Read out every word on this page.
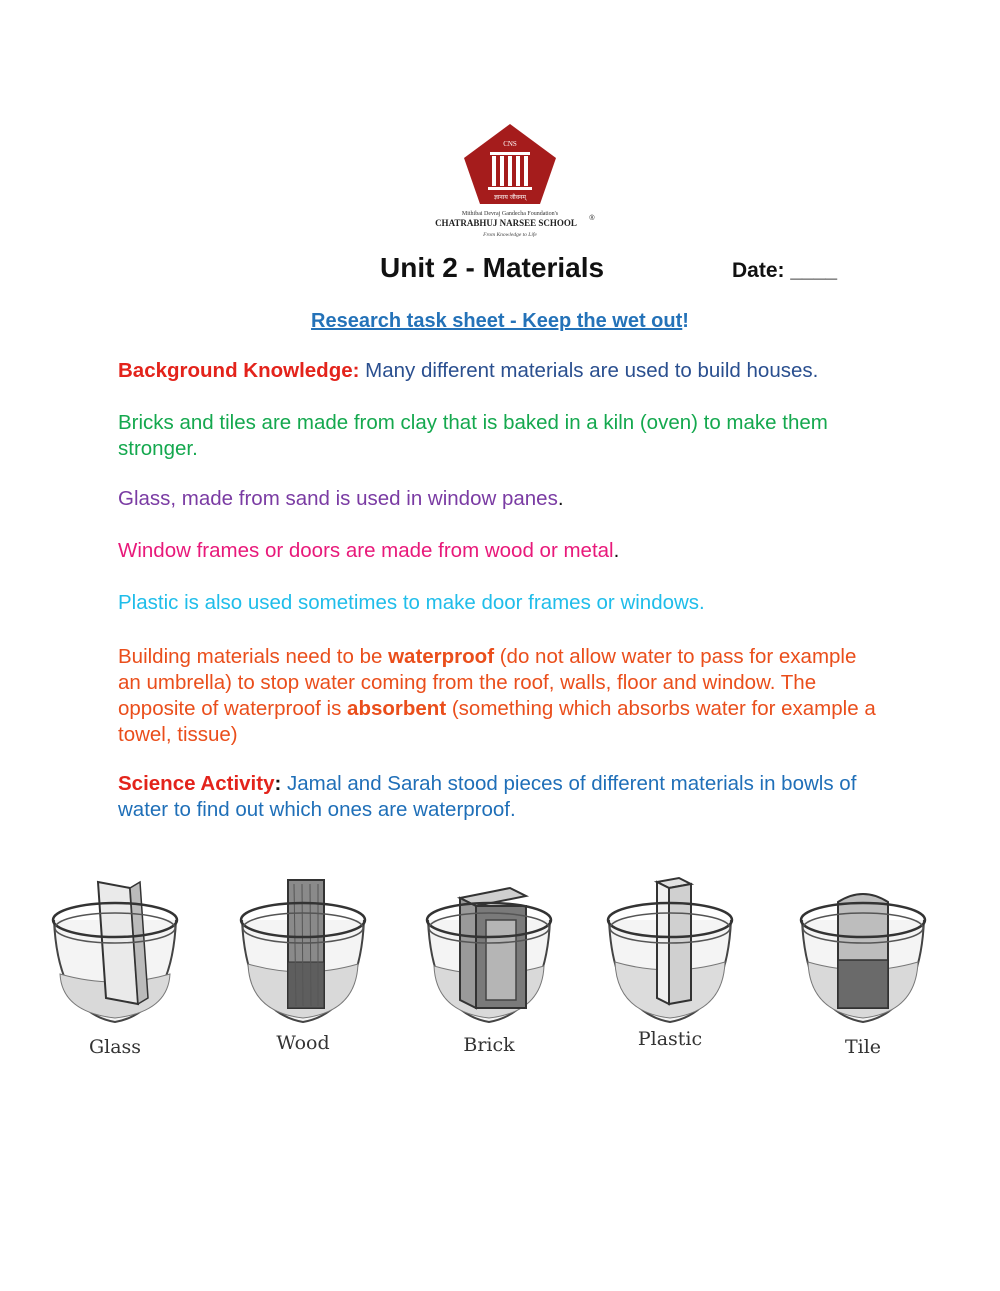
CNS
ज्ञानाय जीवनम्
Mithibai Devraj Gandecha Foundation's
CHATRABHUJ NARSEE SCHOOL ®
From Knowledge to Life
Unit 2 - Materials	Date: ____
Research task sheet - Keep the wet out!

Background Knowledge: Many different materials are used to build houses.

Bricks and tiles are made from clay that is baked in a kiln (oven) to make them stronger.

Glass, made from sand is used in window panes.

Window frames or doors are made from wood or metal.

Plastic is also used sometimes to make door frames or windows.

Building materials need to be waterproof (do not allow water to pass for example an umbrella) to stop water coming from the roof, walls, floor and window. The opposite of waterproof is absorbent (something which absorbs water for example a towel, tissue)

Science Activity: Jamal and Sarah stood pieces of different materials in bowls of water to find out which ones are waterproof.

Glass	Wood	Brick	Plastic	Tile
